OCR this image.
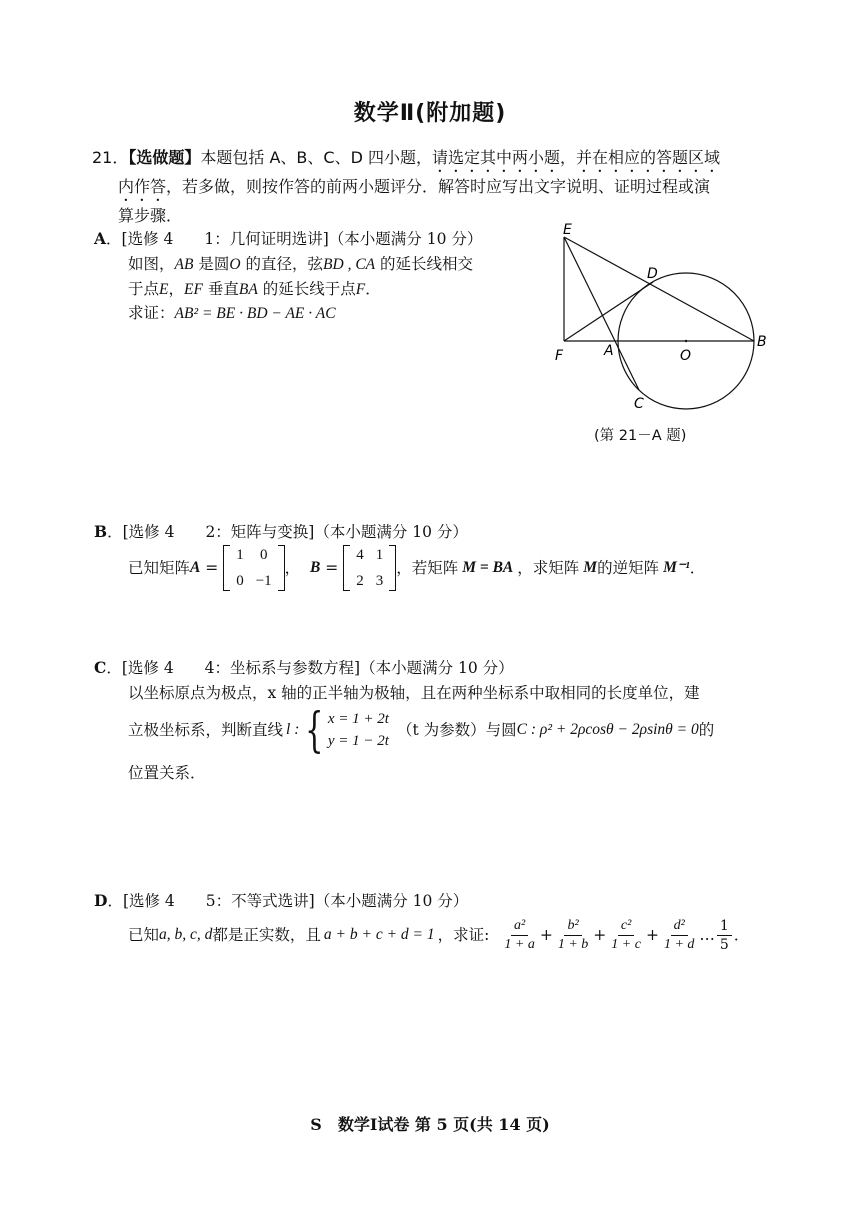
数学Ⅱ(附加题)
21．【选做题】本题包括 A、B、C、D 四小题，请选定其中两小题，并在相应的答题区域
内作答，若多做，则按作答的前两小题评分．解答时应写出文字说明、证明过程或演
算步骤．
A．[选修 4　　1：几何证明选讲]（本小题满分 10 分）
如图，AB 是圆O 的直径，弦BD , CA 的延长线相交
于点E，EF 垂直BA 的延长线于点F．
求证：AB² = BE · BD − AE · AC
E
D
B
F	A	O
C
(第 21－A 题)
B．[选修 4　　2：矩阵与变换]（本小题满分 10 分）
已知矩阵 A =
1	0
0	−1
， B =
4	1
2	3
，若矩阵 M = BA ，求矩阵 M 的逆矩阵 M⁻¹ ．
C．[选修 4　　4：坐标系与参数方程]（本小题满分 10 分）
以坐标原点为极点，x 轴的正半轴为极轴，且在两种坐标系中取相同的长度单位，建
立极坐标系，判断直线 l : { x = 1 + 2t
y = 1 − 2t
（t 为参数）与圆 C : ρ² + 2ρcosθ − 2ρsinθ = 0 的
位置关系．
D．[选修 4　　5：不等式选讲]（本小题满分 10 分）
已知 a, b, c, d 都是正实数，且 a + b + c + d = 1 ，求证: $\frac{\text{a²}}{1 + a} + \frac{\text{b²}}{1 + b} + \frac{\text{c²}}{1 + c} + \frac{\text{d²}}{1 + d}$ … $\frac{1}{5}$ ．
S　数学Ⅰ试卷 第 5 页(共 14 页)
